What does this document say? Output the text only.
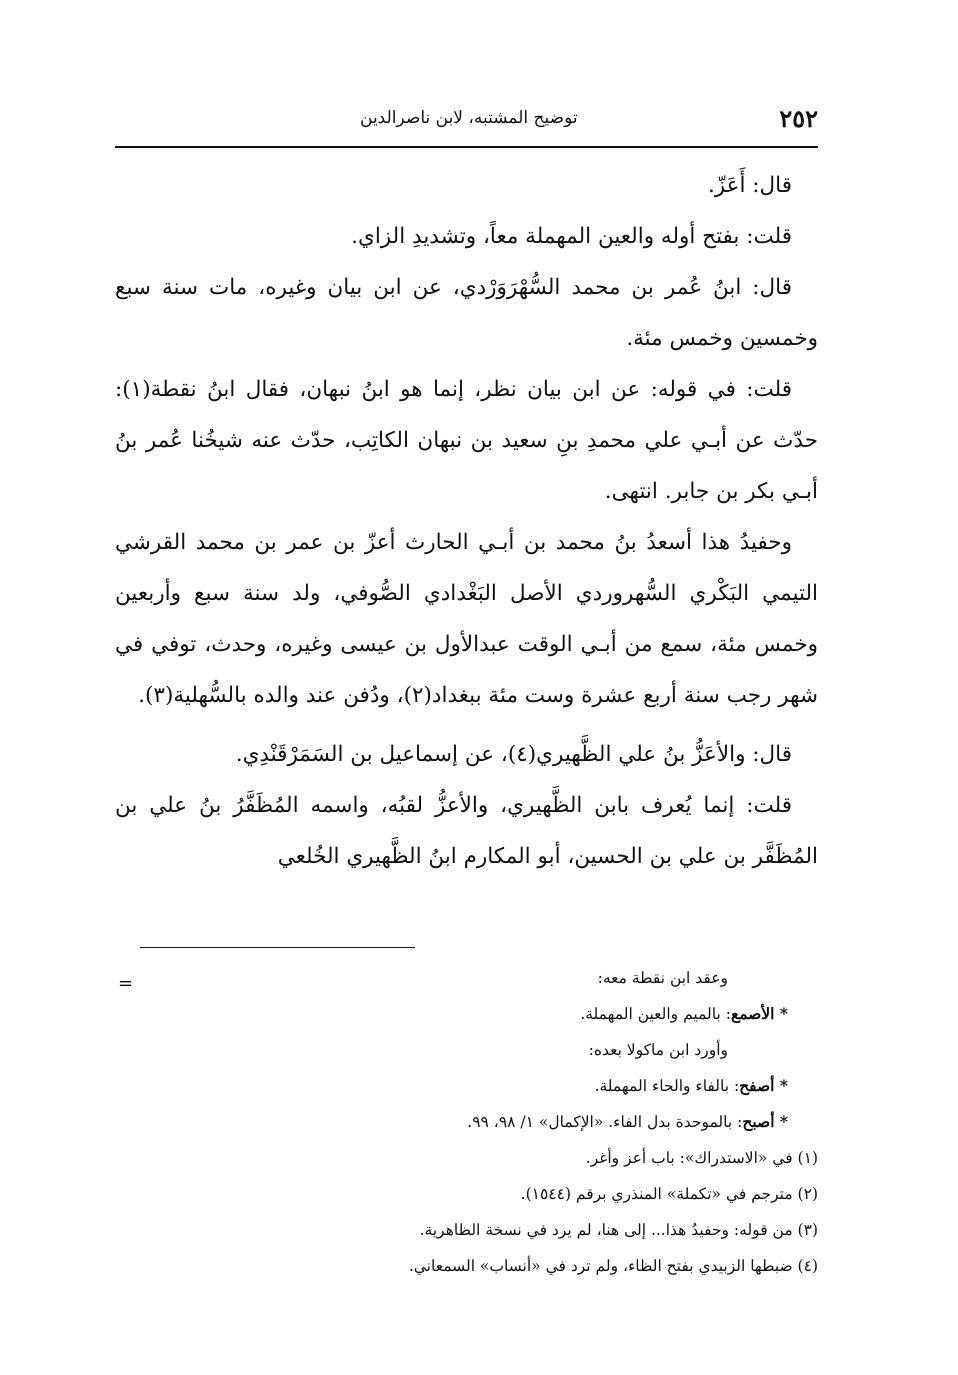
٢٥٢
توضيح المشتبه، لابن ناصرالدين

قال: أَعَزّ.

قلت: بفتح أوله والعين المهملة معاً، وتشديدِ الزاي.

قال: ابنُ عُمر بن محمد السُّهْرَوَرْدي، عن ابن بيان وغيره، مات سنة سبع وخمسين وخمس مئة.

قلت: في قوله: عن ابن بيان نظر، إنما هو ابنُ نبهان، فقال ابنُ نقطة(١): حدّث عن أبـي علي محمدِ بنِ سعيد بن نبهان الكاتِب، حدّث عنه شيخُنا عُمر بنُ أبـي بكر بن جابر. انتهى.

وحفيدُ هذا أسعدُ بنُ محمد بن أبـي الحارث أعزّ بن عمر بن محمد القرشي التيمي البَكْري السُّهروردي الأصل البَغْدادي الصُّوفي، ولد سنة سبع وأربعين وخمس مئة، سمع من أبـي الوقت عبدالأول بن عيسى وغيره، وحدث، توفي في شهر رجب سنة أربع عشرة وست مئة ببغداد(٢)، ودُفن عند والده بالسُّهلية(٣).

قال: والأعَزُّ بنُ علي الظَّهيري(٤)، عن إسماعيل بن السَمَرْقَنْدِي.

قلت: إنما يُعرف بابن الظَّهيري، والأعزُّ لقبُه، واسمه المُظَفَّرُ بنُ علي بن المُظَفَّر بن علي بن الحسين، أبو المكارم ابنُ الظَّهيري الخُلعي

=	وعقد ابن نقطة معه:

* الأصمع: بالميم والعين المهملة.

وأورد ابن ماكولا بعده:

* أصفح: بالفاء والحاء المهملة.

* أصبح: بالموحدة بدل الفاء. «الإكمال» ١/ ٩٨، ٩٩.

(١) في «الاستدراك»: باب أعز وأغر.

(٢) مترجم في «تكملة» المنذري برقم (١٥٤٤).

(٣) من قوله: وحفيدُ هذا... إلى هنا، لم يرد في نسخة الظاهرية.

(٤) ضبطها الزبيدي بفتح الظاء، ولم ترد في «أنساب» السمعاني.
